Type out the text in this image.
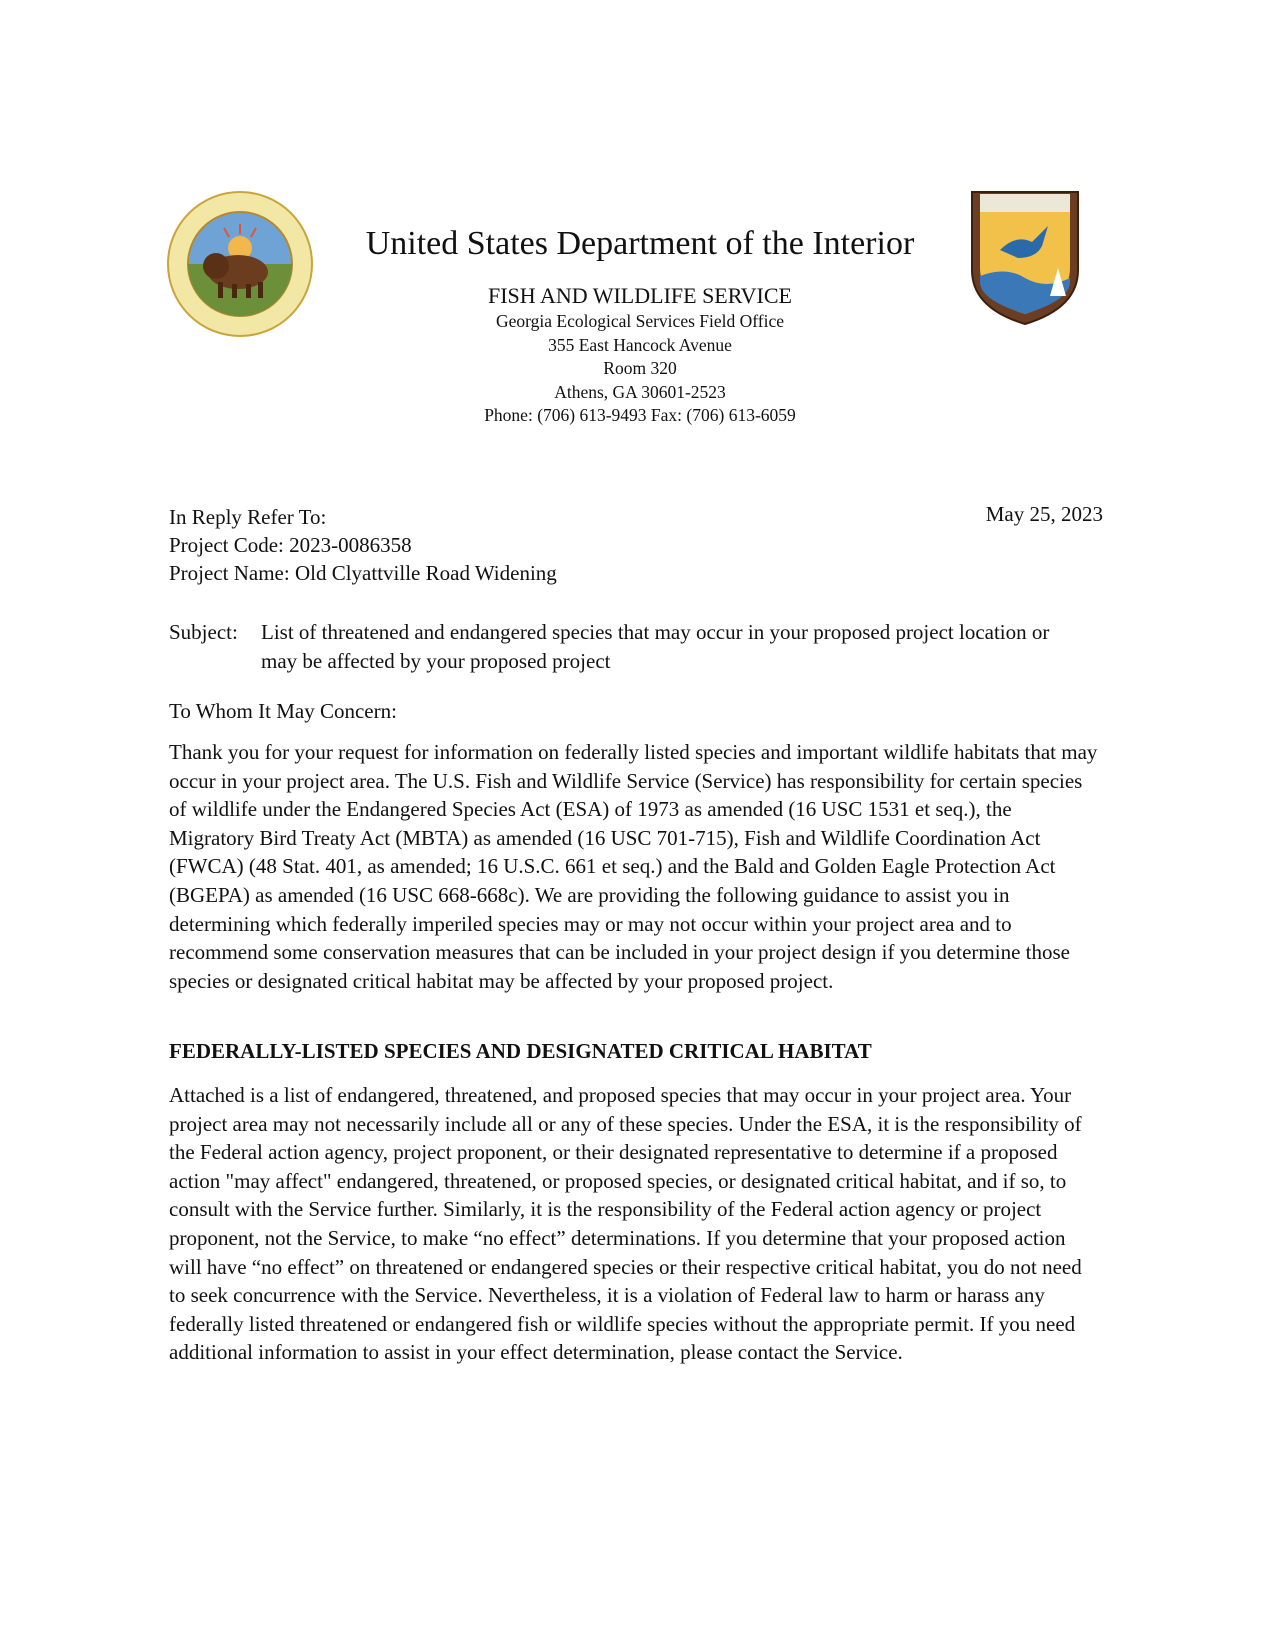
United States Department of the Interior
FISH AND WILDLIFE SERVICE
Georgia Ecological Services Field Office
355 East Hancock Avenue
Room 320
Athens, GA 30601-2523
Phone: (706) 613-9493 Fax: (706) 613-6059
In Reply Refer To:
Project Code: 2023-0086358
Project Name: Old Clyattville Road Widening
May 25, 2023
Subject:	List of threatened and endangered species that may occur in your proposed project location or may be affected by your proposed project
To Whom It May Concern:

Thank you for your request for information on federally listed species and important wildlife habitats that may occur in your project area. The U.S. Fish and Wildlife Service (Service) has responsibility for certain species of wildlife under the Endangered Species Act (ESA) of 1973 as amended (16 USC 1531 et seq.), the Migratory Bird Treaty Act (MBTA) as amended (16 USC 701-715), Fish and Wildlife Coordination Act (FWCA) (48 Stat. 401, as amended; 16 U.S.C. 661 et seq.) and the Bald and Golden Eagle Protection Act (BGEPA) as amended (16 USC 668-668c). We are providing the following guidance to assist you in determining which federally imperiled species may or may not occur within your project area and to recommend some conservation measures that can be included in your project design if you determine those species or designated critical habitat may be affected by your proposed project.

FEDERALLY-LISTED SPECIES AND DESIGNATED CRITICAL HABITAT

Attached is a list of endangered, threatened, and proposed species that may occur in your project area. Your project area may not necessarily include all or any of these species. Under the ESA, it is the responsibility of the Federal action agency, project proponent, or their designated representative to determine if a proposed action "may affect" endangered, threatened, or proposed species, or designated critical habitat, and if so, to consult with the Service further. Similarly, it is the responsibility of the Federal action agency or project proponent, not the Service, to make “no effect” determinations. If you determine that your proposed action will have “no effect” on threatened or endangered species or their respective critical habitat, you do not need to seek concurrence with the Service. Nevertheless, it is a violation of Federal law to harm or harass any federally listed threatened or endangered fish or wildlife species without the appropriate permit. If you need additional information to assist in your effect determination, please contact the Service.
